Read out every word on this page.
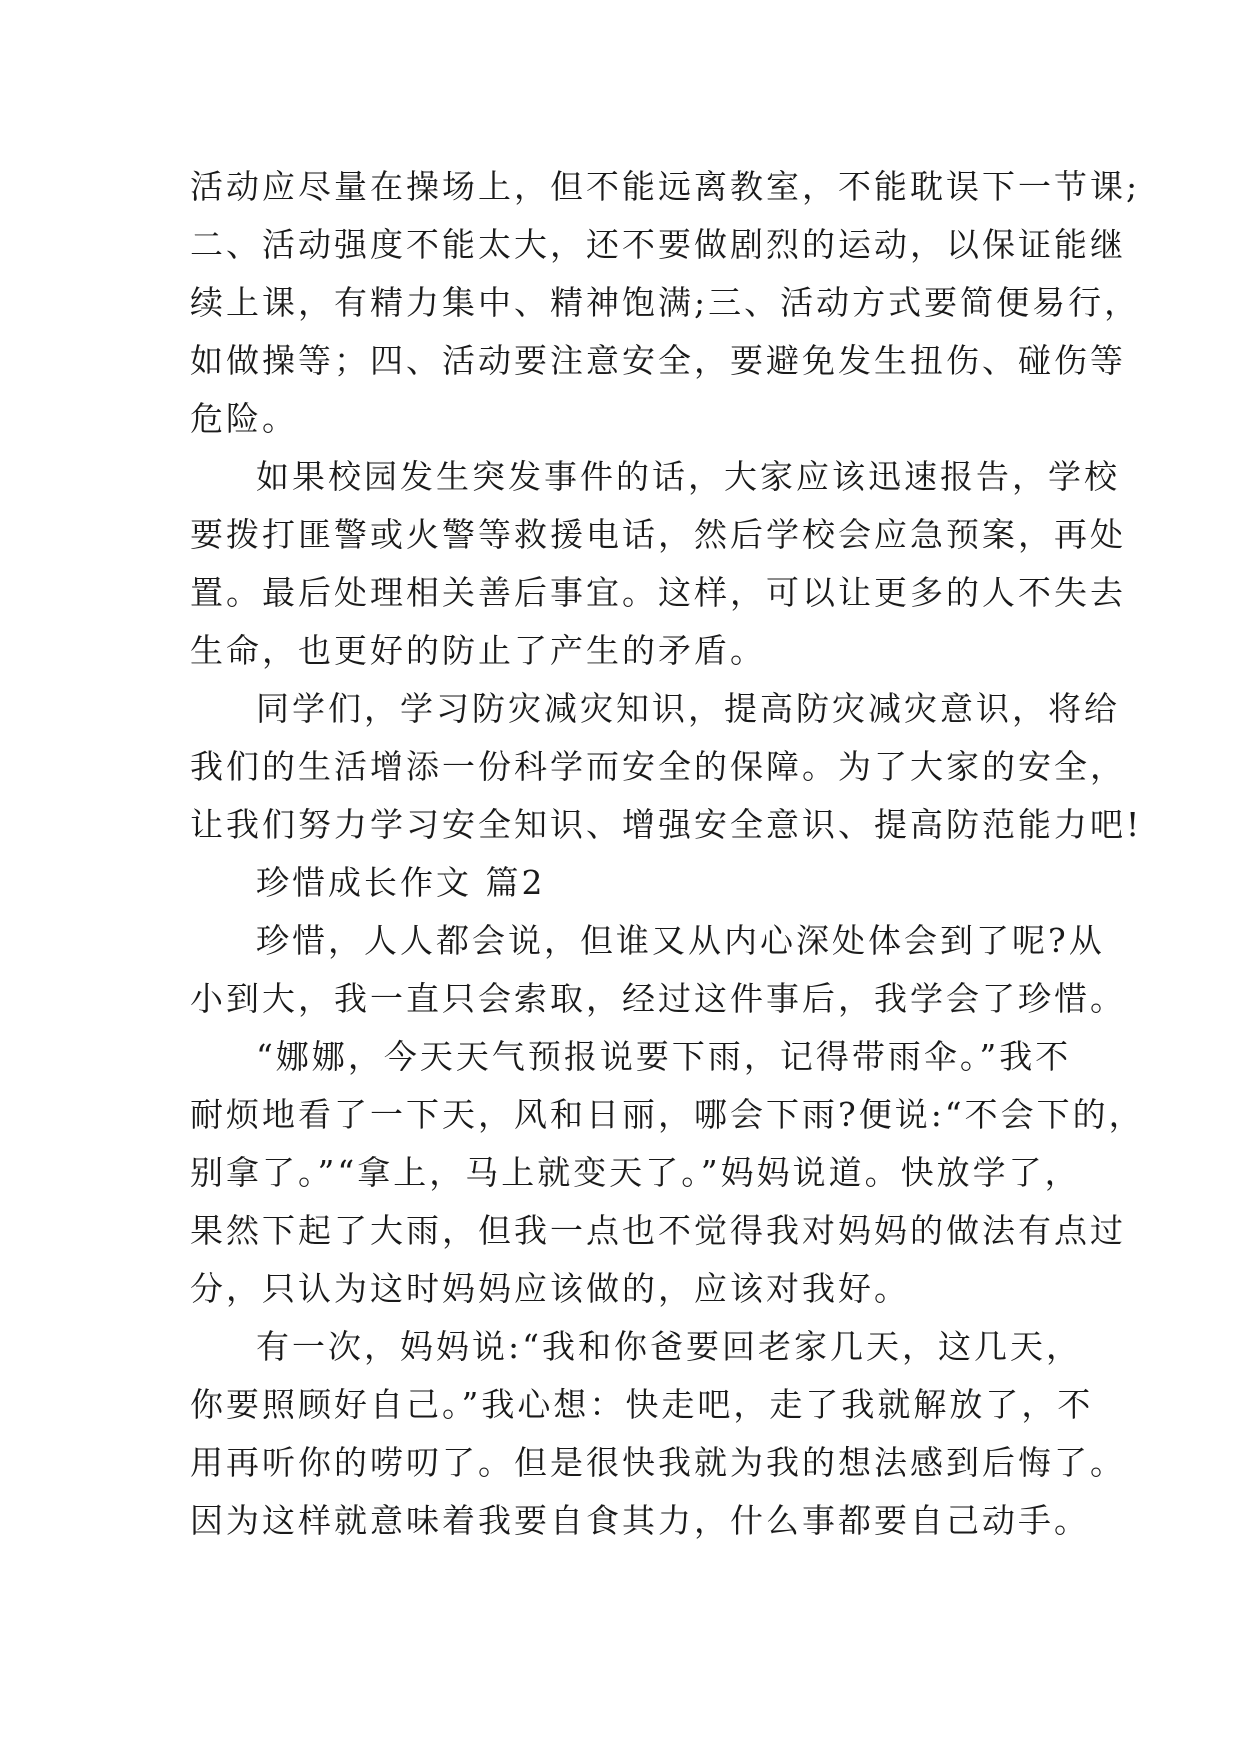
活动应尽量在操场上，但不能远离教室，不能耽误下一节课;
二、活动强度不能太大，还不要做剧烈的运动，以保证能继
续上课，有精力集中、精神饱满;三、活动方式要简便易行，
如做操等；四、活动要注意安全，要避免发生扭伤、碰伤等
危险。
如果校园发生突发事件的话，大家应该迅速报告，学校
要拨打匪警或火警等救援电话，然后学校会应急预案，再处
置。最后处理相关善后事宜。这样，可以让更多的人不失去
生命，也更好的防止了产生的矛盾。
同学们，学习防灾减灾知识，提高防灾减灾意识，将给
我们的生活增添一份科学而安全的保障。为了大家的安全，
让我们努力学习安全知识、增强安全意识、提高防范能力吧!
珍惜成长作文 篇2
珍惜，人人都会说，但谁又从内心深处体会到了呢?从
小到大，我一直只会索取，经过这件事后，我学会了珍惜。
“娜娜，今天天气预报说要下雨，记得带雨伞。”我不
耐烦地看了一下天，风和日丽，哪会下雨?便说:“不会下的，
别拿了。”“拿上，马上就变天了。”妈妈说道。快放学了，
果然下起了大雨，但我一点也不觉得我对妈妈的做法有点过
分，只认为这时妈妈应该做的，应该对我好。
有一次，妈妈说:“我和你爸要回老家几天，这几天，
你要照顾好自己。”我心想：快走吧，走了我就解放了，不
用再听你的唠叨了。但是很快我就为我的想法感到后悔了。
因为这样就意味着我要自食其力，什么事都要自己动手。
